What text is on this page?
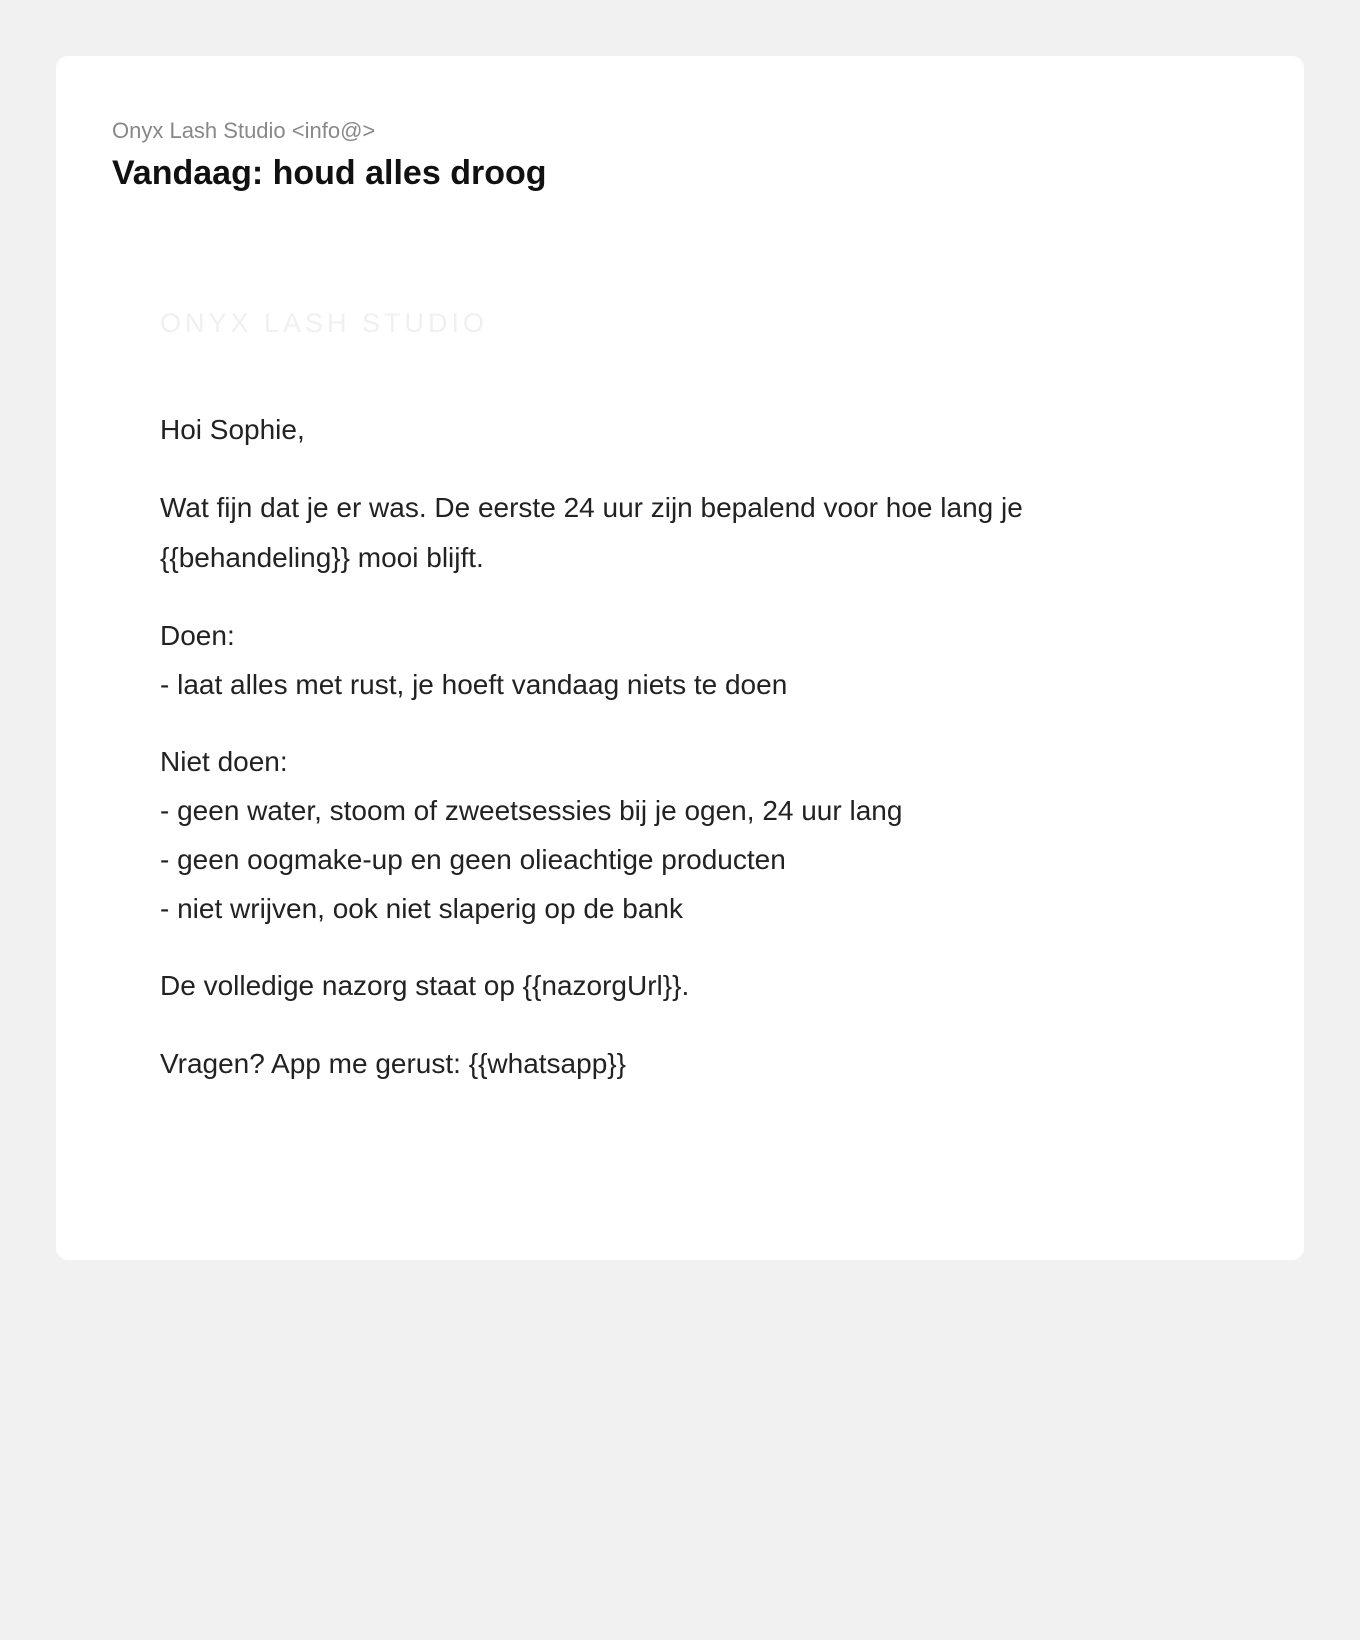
Onyx Lash Studio <info@>
Vandaag: houd alles droog
ONYX LASH STUDIO
Hoi Sophie,
Wat fijn dat je er was. De eerste 24 uur zijn bepalend voor hoe lang je {{behandeling}} mooi blijft.
Doen:
- laat alles met rust, je hoeft vandaag niets te doen
Niet doen:
- geen water, stoom of zweetsessies bij je ogen, 24 uur lang
- geen oogmake-up en geen olieachtige producten
- niet wrijven, ook niet slaperig op de bank
De volledige nazorg staat op {{nazorgUrl}}.
Vragen? App me gerust: {{whatsapp}}
